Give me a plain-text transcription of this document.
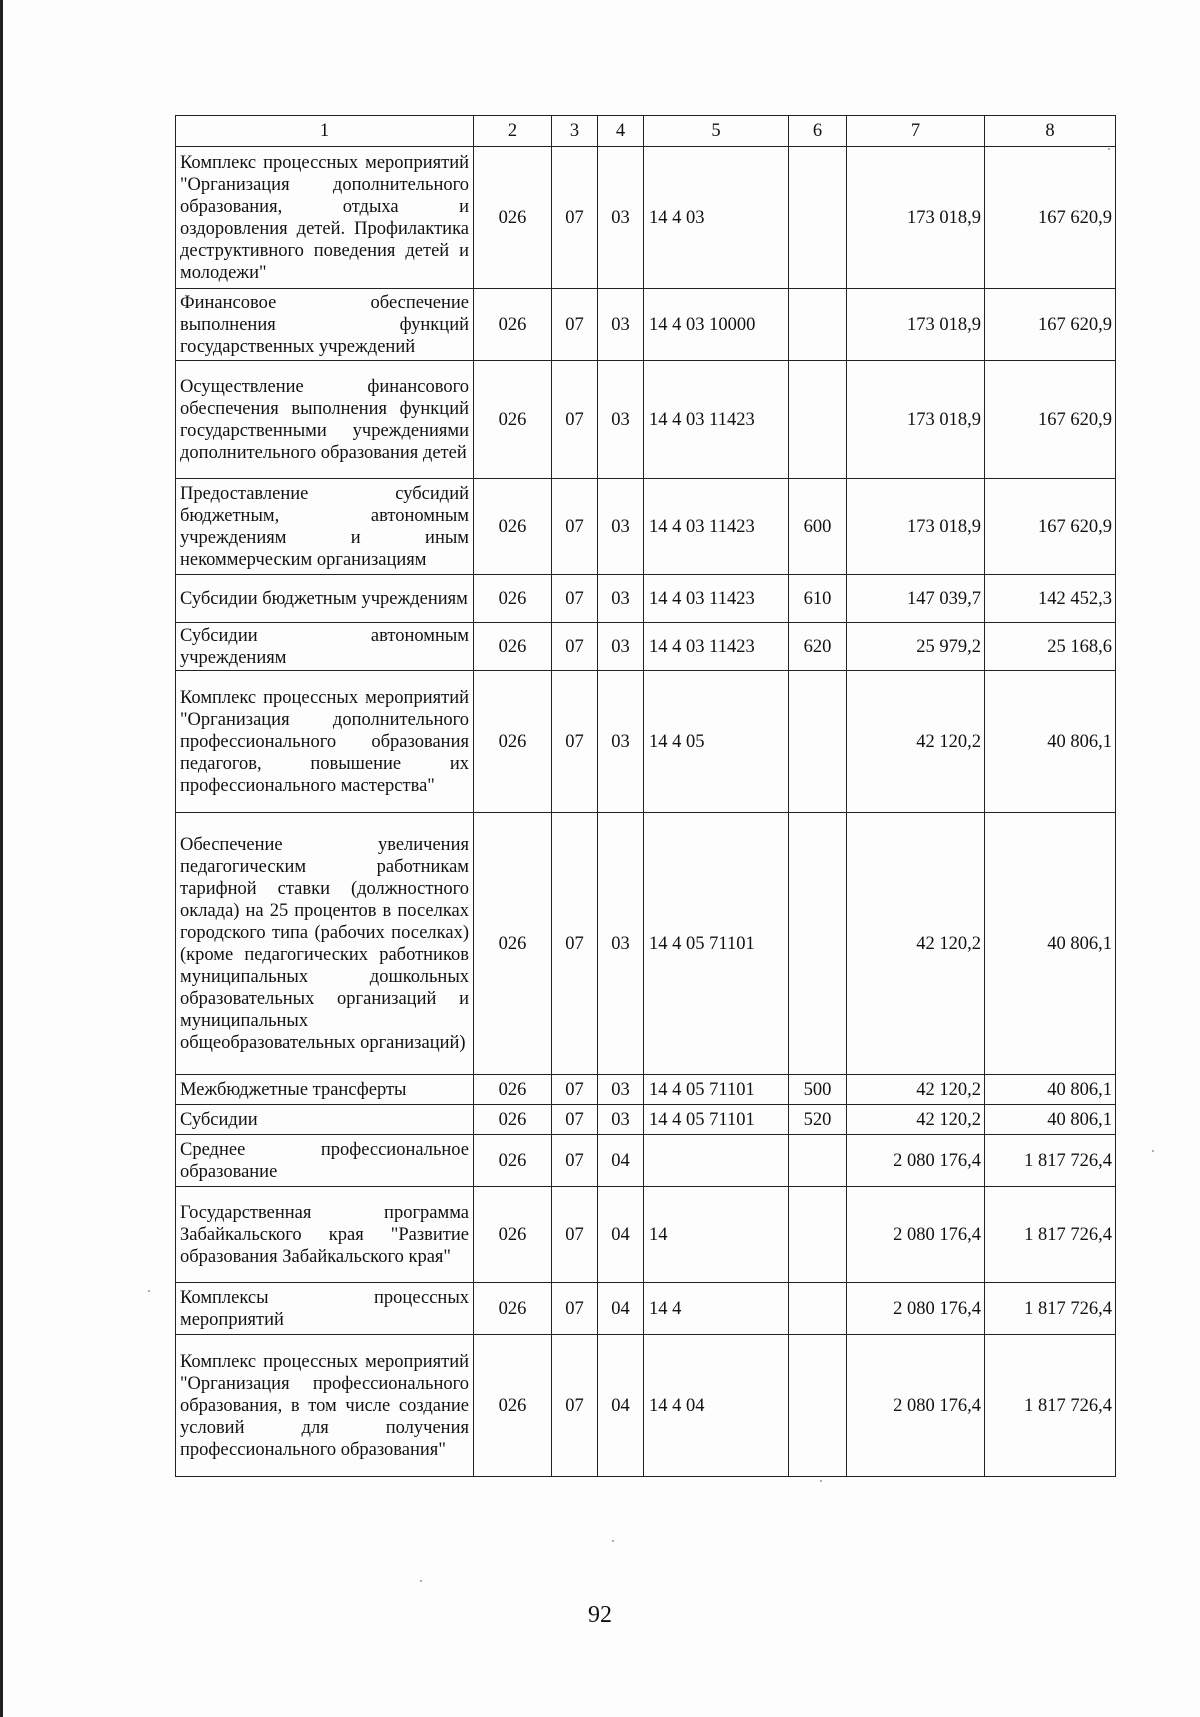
1	2	3	4	5	6	7	8
Комплекс процессных мероприятий "Организация дополнительного образования, отдыха и оздоровления детей. Профилактика деструктивного поведения детей и молодежи"	026	07	03	14 4 03		173 018,9	167 620,9
Финансовое обеспечение выполнения функций государственных учреждений	026	07	03	14 4 03 10000		173 018,9	167 620,9
Осуществление финансового обеспечения выполнения функций государственными учреждениями дополнительного образования детей	026	07	03	14 4 03 11423		173 018,9	167 620,9
Предоставление субсидий бюджетным, автономным учреждениям и иным некоммерческим организациям	026	07	03	14 4 03 11423	600	173 018,9	167 620,9
Субсидии бюджетным учреждениям	026	07	03	14 4 03 11423	610	147 039,7	142 452,3
Субсидии автономным учреждениям	026	07	03	14 4 03 11423	620	25 979,2	25 168,6
Комплекс процессных мероприятий "Организация дополнительного профессионального образования педагогов, повышение их профессионального мастерства"	026	07	03	14 4 05		42 120,2	40 806,1
Обеспечение увеличения педагогическим работникам тарифной ставки (должностного оклада) на 25 процентов в поселках городского типа (рабочих поселках) (кроме педагогических работников муниципальных дошкольных образовательных организаций и муниципальных общеобразовательных организаций)	026	07	03	14 4 05 71101		42 120,2	40 806,1
Межбюджетные трансферты	026	07	03	14 4 05 71101	500	42 120,2	40 806,1
Субсидии	026	07	03	14 4 05 71101	520	42 120,2	40 806,1
Среднее профессиональное образование	026	07	04			2 080 176,4	1 817 726,4
Государственная программа Забайкальского края "Развитие образования Забайкальского края"	026	07	04	14		2 080 176,4	1 817 726,4
Комплексы процессных мероприятий	026	07	04	14 4		2 080 176,4	1 817 726,4
Комплекс процессных мероприятий "Организация профессионального образования, в том числе создание условий для получения профессионального образования"	026	07	04	14 4 04		2 080 176,4	1 817 726,4
92
